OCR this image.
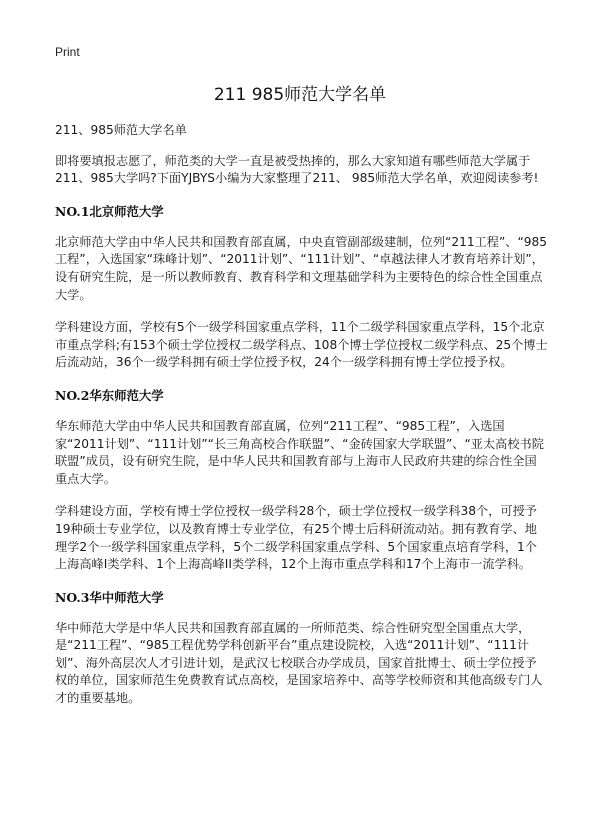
Print
211 985师范大学名单

211、985师范大学名单

即将要填报志愿了，师范类的大学一直是被受热捧的，那么大家知道有哪些师范大学属于211、985大学吗?下面YJBYS小编为大家整理了211、 985师范大学名单，欢迎阅读参考!

NO.1北京师范大学

北京师范大学由中华人民共和国教育部直属，中央直管副部级建制，位列“211工程”、“985工程”，入选国家“珠峰计划”、“2011计划”、“111计划”、“卓越法律人才教育培养计划”，设有研究生院，是一所以教师教育、教育科学和文理基础学科为主要特色的综合性全国重点大学。

学科建设方面，学校有5个一级学科国家重点学科，11个二级学科国家重点学科，15个北京市重点学科;有153个硕士学位授权二级学科点、108个博士学位授权二级学科点、25个博士后流动站，36个一级学科拥有硕士学位授予权，24个一级学科拥有博士学位授予权。

NO.2华东师范大学

华东师范大学由中华人民共和国教育部直属，位列“211工程”、“985工程”，入选国家“2011计划”、“111计划”“长三角高校合作联盟”、“金砖国家大学联盟”、“亚太高校书院联盟”成员，设有研究生院，是中华人民共和国教育部与上海市人民政府共建的综合性全国重点大学。

学科建设方面，学校有博士学位授权一级学科28个，硕士学位授权一级学科38个，可授予19种硕士专业学位，以及教育博士专业学位，有25个博士后科研流动站。拥有教育学、地理学2个一级学科国家重点学科，5个二级学科国家重点学科、5个国家重点培育学科，1个上海高峰I类学科、1个上海高峰II类学科，12个上海市重点学科和17个上海市一流学科。

NO.3华中师范大学

华中师范大学是中华人民共和国教育部直属的一所师范类、综合性研究型全国重点大学，是“211工程”、“985工程优势学科创新平台”重点建设院校，入选“2011计划”、“111计划”、海外高层次人才引进计划，是武汉七校联合办学成员，国家首批博士、硕士学位授予权的单位，国家师范生免费教育试点高校，是国家培养中、高等学校师资和其他高级专门人才的重要基地。
